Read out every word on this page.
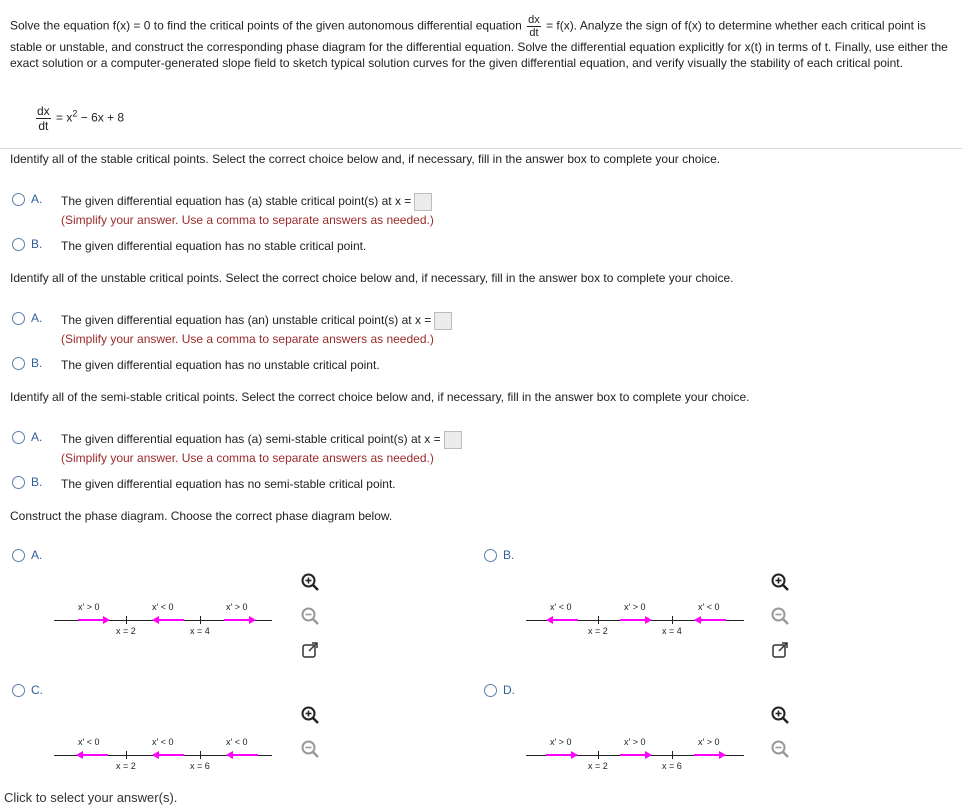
Solve the equation f(x) = 0 to find the critical points of the given autonomous differential equation $\frac{dx}{dt} = f(x)$. Analyze the sign of f(x) to determine whether each critical point is stable or unstable, and construct the corresponding phase diagram for the differential equation. Solve the differential equation explicitly for x(t) in terms of t. Finally, use either the exact solution or a computer-generated slope field to sketch typical solution curves for the given differential equation, and verify visually the stability of each critical point.
$\frac{dx}{dt} = x^2 - 6x + 8$
Identify all of the stable critical points. Select the correct choice below and, if necessary, fill in the answer box to complete your choice.
A.	The given differential equation has (a) stable critical point(s) at x =
(Simplify your answer. Use a comma to separate answers as needed.)
B.	The given differential equation has no stable critical point.
Identify all of the unstable critical points. Select the correct choice below and, if necessary, fill in the answer box to complete your choice.
A.	The given differential equation has (an) unstable critical point(s) at x =
(Simplify your answer. Use a comma to separate answers as needed.)
B.	The given differential equation has no unstable critical point.
Identify all of the semi-stable critical points. Select the correct choice below and, if necessary, fill in the answer box to complete your choice.
A.	The given differential equation has (a) semi-stable critical point(s) at x =
(Simplify your answer. Use a comma to separate answers as needed.)
B.	The given differential equation has no semi-stable critical point.
Construct the phase diagram. Choose the correct phase diagram below.
A.	B.
C.	D.
x′ > 0	x′ < 0	x′ > 0
x = 2	x = 4
x′ < 0	x′ > 0	x′ < 0
x = 2	x = 4
x′ < 0	x′ < 0	x′ < 0
x = 2	x = 6
x′ > 0	x′ > 0	x′ > 0
x = 2	x = 6
Click to select your answer(s).
